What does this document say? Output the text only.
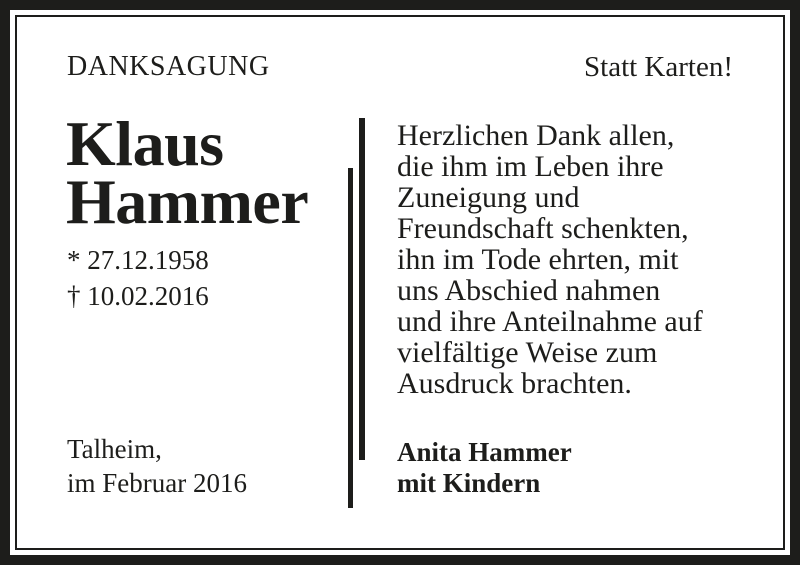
DANKSAGUNG	Statt Karten!
Klaus
Hammer
* 27.12.1958
† 10.02.2016
Talheim,
im Februar 2016
Herzlichen Dank allen,
die ihm im Leben ihre
Zuneigung und
Freundschaft schenkten,
ihn im Tode ehrten, mit
uns Abschied nahmen
und ihre Anteilnahme auf
vielfältige Weise zum
Ausdruck brachten.
Anita Hammer
mit Kindern
